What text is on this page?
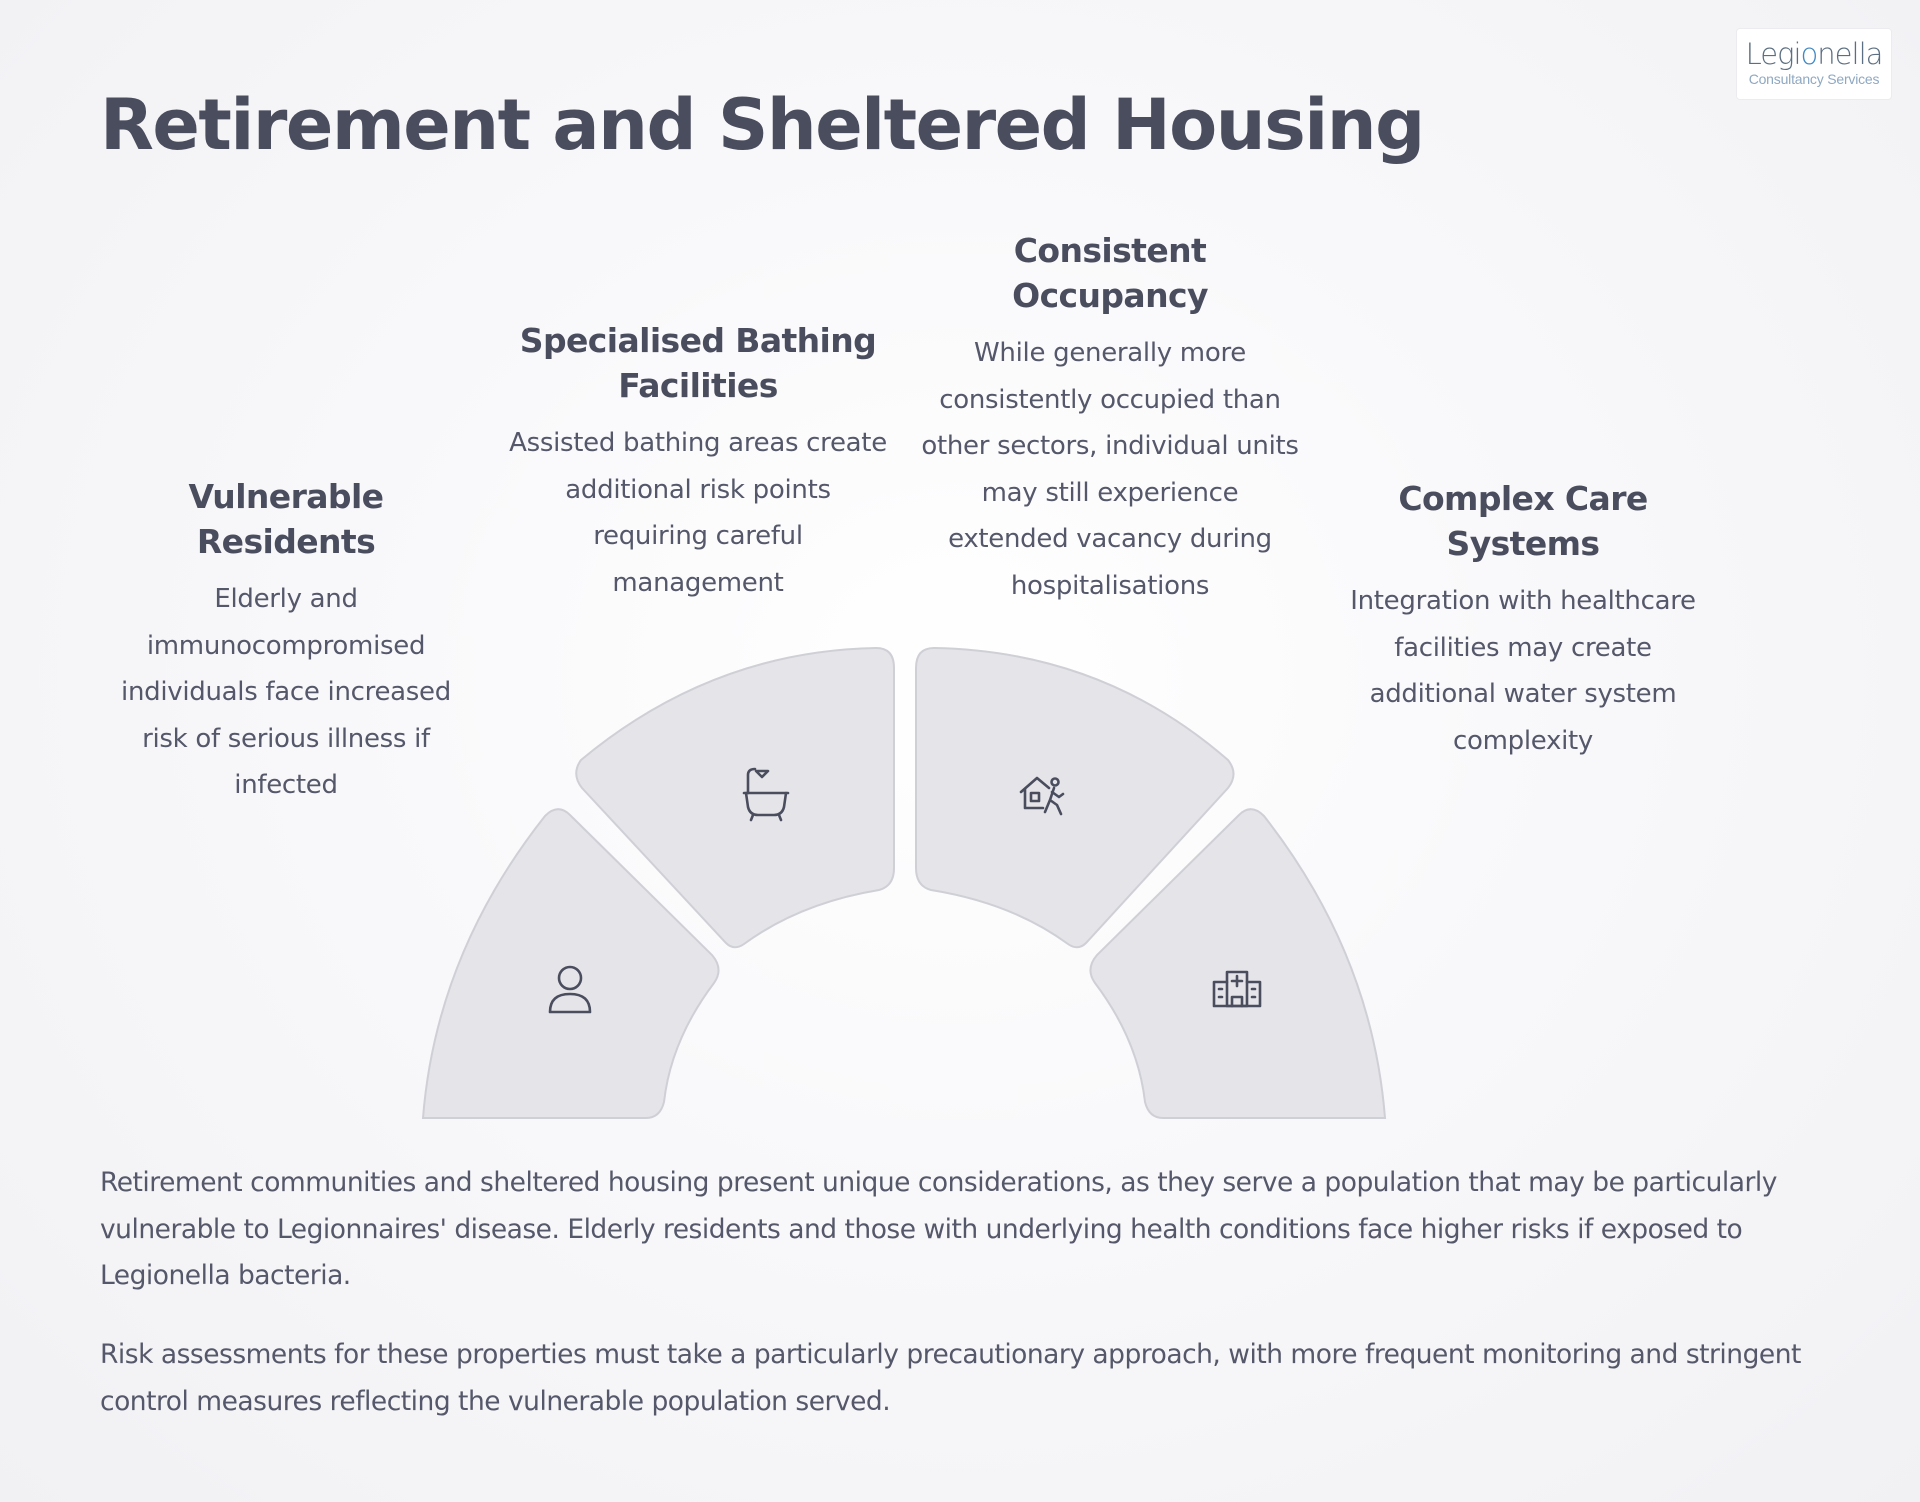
Legionella
Consultancy Services
Retirement and Sheltered Housing
Vulnerable Residents

Elderly and immunocompromised individuals face increased risk of serious illness if infected

Specialised Bathing Facilities

Assisted bathing areas create additional risk points requiring careful management

Consistent Occupancy

While generally more consistently occupied than other sectors, individual units may still experience extended vacancy during hospitalisations

Complex Care Systems

Integration with healthcare facilities may create additional water system complexity

Retirement communities and sheltered housing present unique considerations, as they serve a population that may be particularly vulnerable to Legionnaires' disease. Elderly residents and those with underlying health conditions face higher risks if exposed to Legionella bacteria.

Risk assessments for these properties must take a particularly precautionary approach, with more frequent monitoring and stringent control measures reflecting the vulnerable population served.
